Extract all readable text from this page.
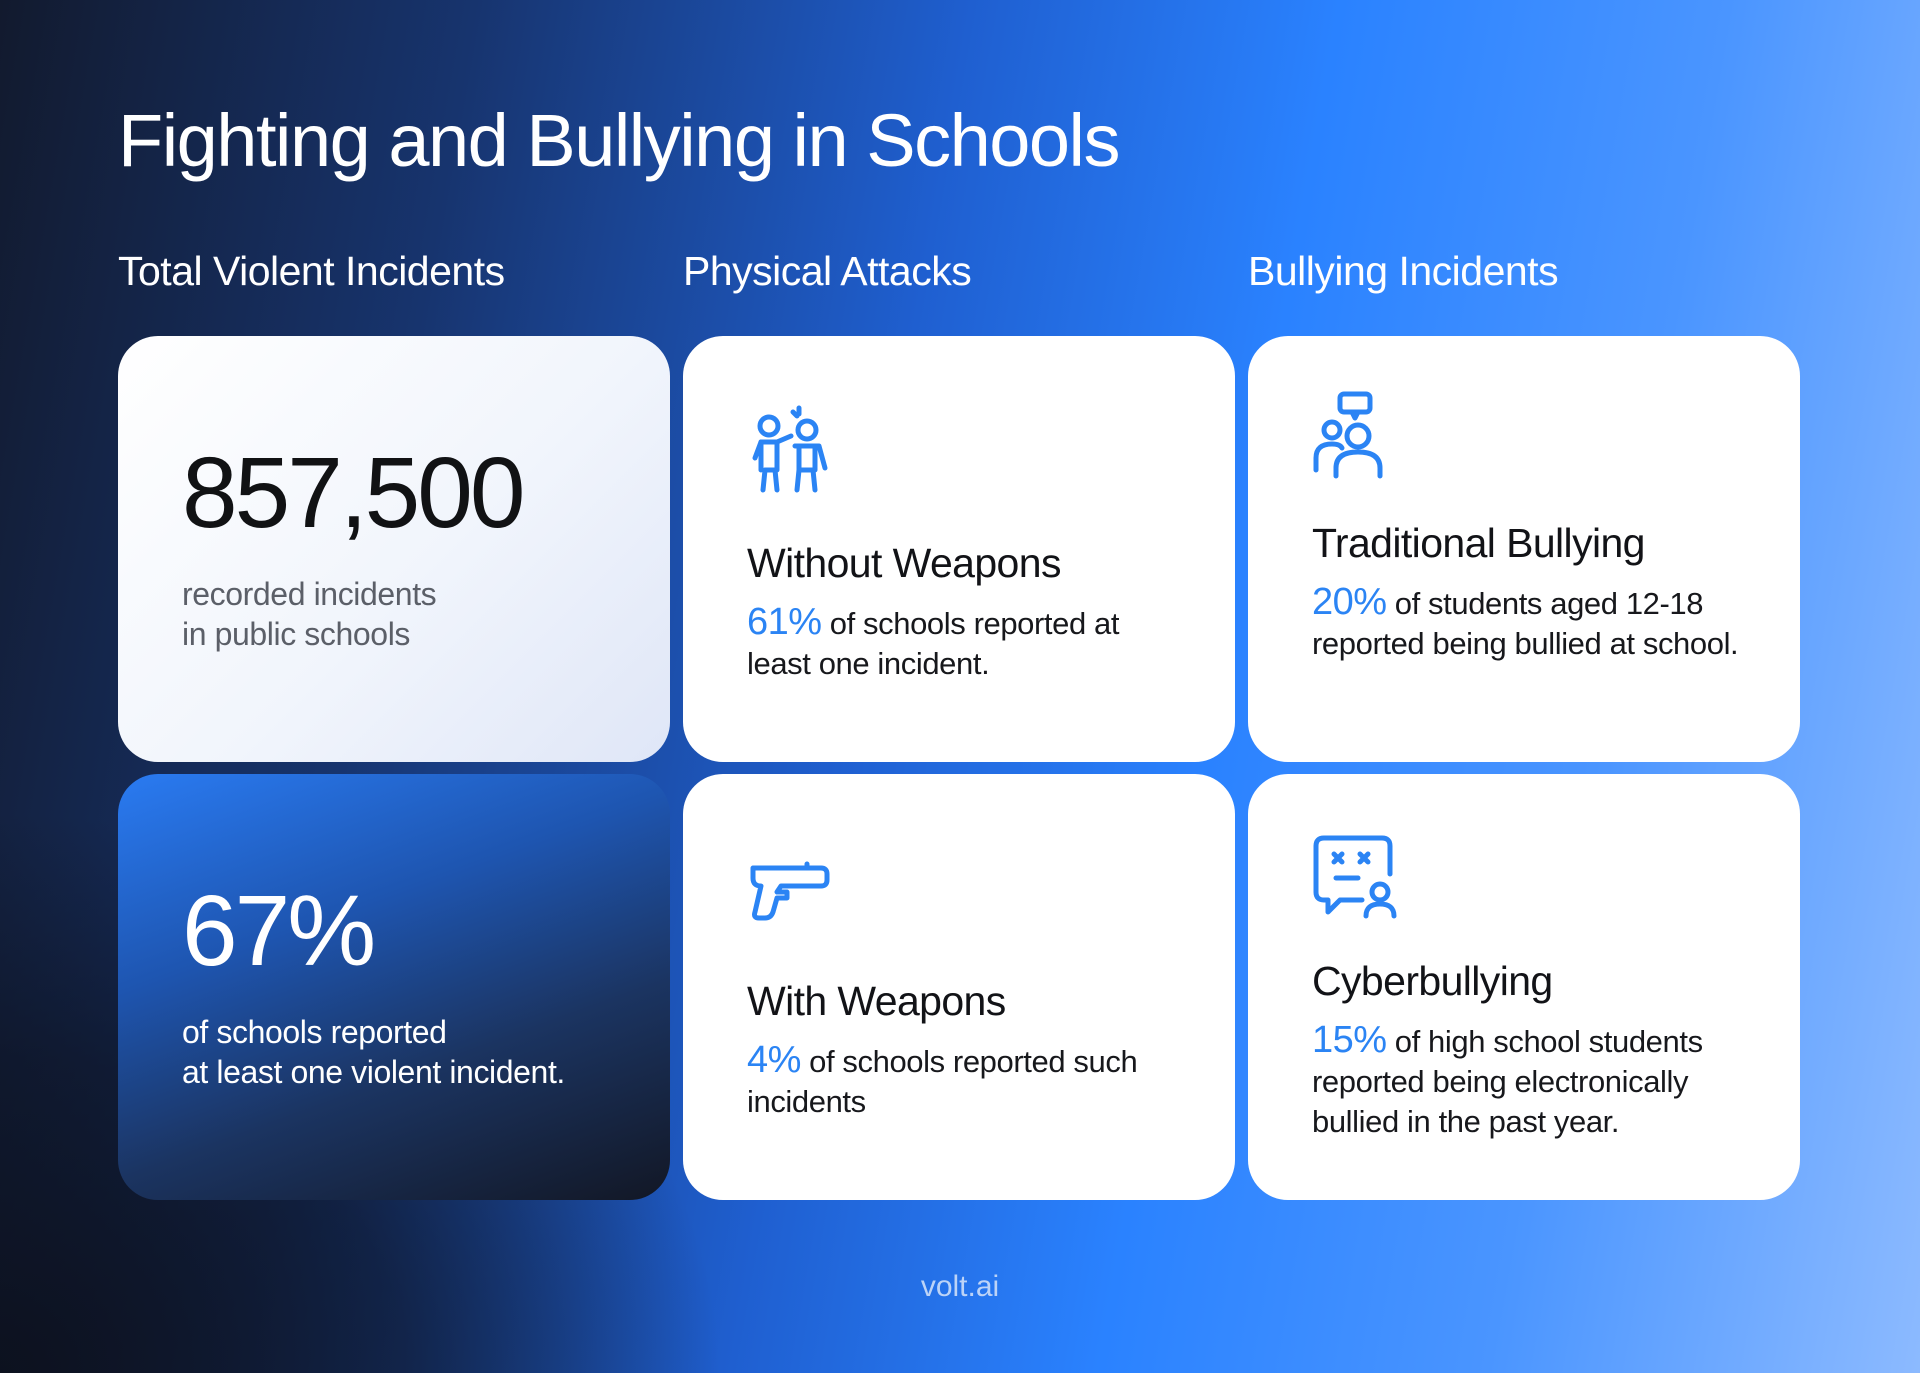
Fighting and Bullying in Schools
Total Violent Incidents	Physical Attacks	Bullying Incidents
857,500
recorded incidents
in public schools
67%
of schools reported
at least one violent incident.
Without Weapons
61% of schools reported at least one incident.
With Weapons
4% of schools reported such incidents
Traditional Bullying
20% of students aged 12-18 reported being bullied at school.
Cyberbullying
15% of high school students reported being electronically bullied in the past year.
volt.ai
